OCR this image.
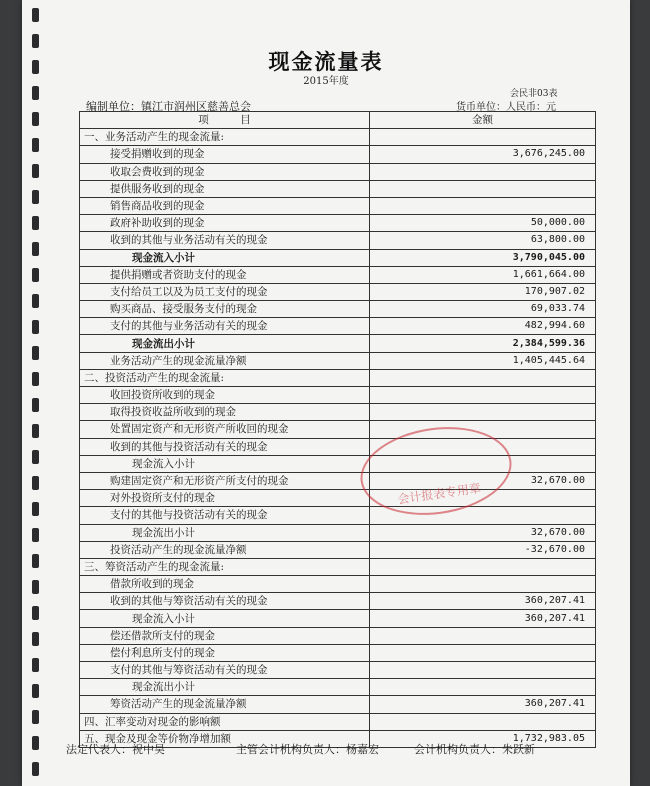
现金流量表
2015年度
会民非03表
编制单位：镇江市润州区慈善总会	货币单位：人民币：元
项　　　目	金额
一、业务活动产生的现金流量:	
接受捐赠收到的现金	3,676,245.00
收取会费收到的现金	
提供服务收到的现金	
销售商品收到的现金	
政府补助收到的现金	50,000.00
收到的其他与业务活动有关的现金	63,800.00
现金流入小计	3,790,045.00
提供捐赠或者资助支付的现金	1,661,664.00
支付给员工以及为员工支付的现金	170,907.02
购买商品、接受服务支付的现金	69,033.74
支付的其他与业务活动有关的现金	482,994.60
现金流出小计	2,384,599.36
业务活动产生的现金流量净额	1,405,445.64
二、投资活动产生的现金流量:	
收回投资所收到的现金	
取得投资收益所收到的现金	
处置固定资产和无形资产所收回的现金	
收到的其他与投资活动有关的现金	
现金流入小计	
购建固定资产和无形资产所支付的现金	32,670.00
对外投资所支付的现金	
支付的其他与投资活动有关的现金	
现金流出小计	32,670.00
投资活动产生的现金流量净额	-32,670.00
三、筹资活动产生的现金流量:	
借款所收到的现金	
收到的其他与筹资活动有关的现金	360,207.41
现金流入小计	360,207.41
偿还借款所支付的现金	
偿付利息所支付的现金	
支付的其他与筹资活动有关的现金	
现金流出小计	
筹资活动产生的现金流量净额	360,207.41
四、汇率变动对现金的影响额	
五、现金及现金等价物净增加额	1,732,983.05
会计报表专用章
法定代表人：祝中昊	主管会计机构负责人：杨嘉宏	会计机构负责人：朱跃新
